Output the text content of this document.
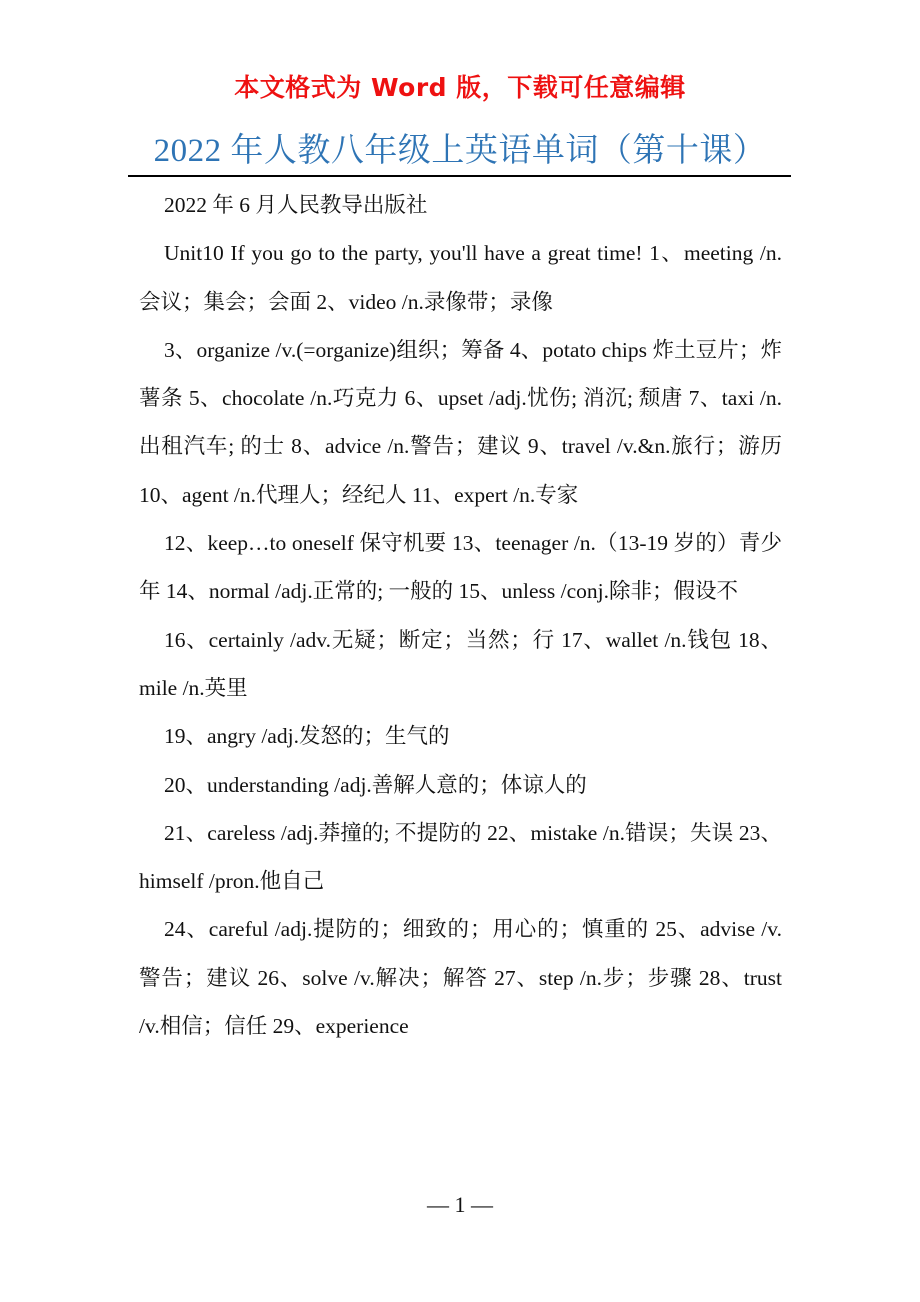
本文格式为 Word 版，下载可任意编辑
2022 年人教八年级上英语单词（第十课）

2022 年 6 月人民教导出版社

Unit10 If you go to the party, you'll have a great time! 1、meeting /n.会议；集会；会面 2、video /n.录像带；录像

3、organize /v.(=organize)组织；筹备 4、potato chips 炸土豆片；炸薯条 5、chocolate /n.巧克力 6、upset /adj.忧伤; 消沉; 颓唐 7、taxi /n.出租汽车; 的士 8、advice /n.警告；建议 9、travel /v.&n.旅行；游历 10、agent /n.代理人；经纪人 11、expert /n.专家

12、keep…to oneself 保守机要 13、teenager /n.（13-19 岁的）青少年 14、normal /adj.正常的; 一般的 15、unless /conj.除非；假设不

16、certainly /adv.无疑；断定；当然；行 17、wallet /n.钱包 18、mile /n.英里

19、angry /adj.发怒的；生气的

20、understanding /adj.善解人意的；体谅人的

21、careless /adj.莽撞的; 不提防的 22、mistake /n.错误；失误 23、himself /pron.他自己

24、careful /adj.提防的；细致的；用心的；慎重的 25、advise /v.警告；建议 26、solve /v.解决；解答 27、step /n.步；步骤 28、trust /v.相信；信任 29、experience

— 1 —
